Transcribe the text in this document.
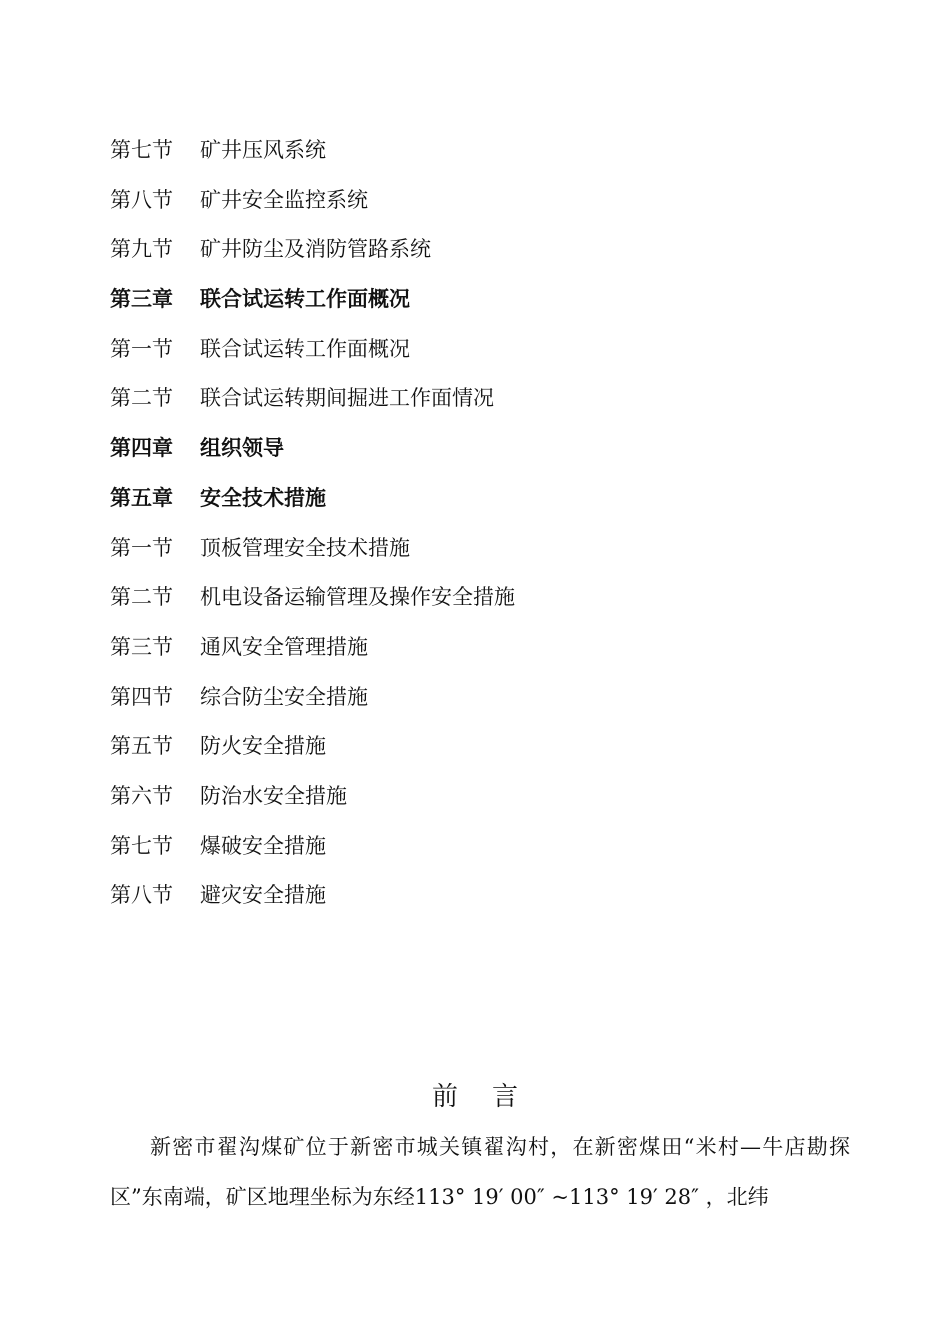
第七节 矿井压风系统
第八节 矿井安全监控系统
第九节 矿井防尘及消防管路系统
第三章 联合试运转工作面概况
第一节 联合试运转工作面概况
第二节 联合试运转期间掘进工作面情况
第四章 组织领导
第五章 安全技术措施
第一节 顶板管理安全技术措施
第二节 机电设备运输管理及操作安全措施
第三节 通风安全管理措施
第四节 综合防尘安全措施
第五节 防火安全措施
第六节 防治水安全措施
第七节 爆破安全措施
第八节 避灾安全措施
前言
新密市翟沟煤矿位于新密市城关镇翟沟村，在新密煤田“米村—牛店勘探区”东南端，矿区地理坐标为东经113° 19′ 00″ ~113° 19′ 28″ ，北纬
